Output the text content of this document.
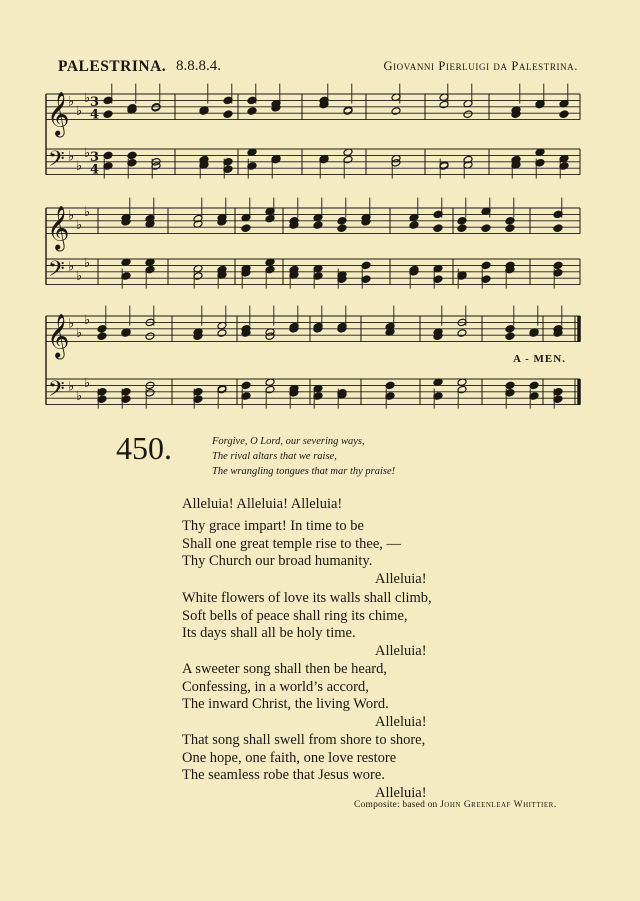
PALESTRINA. 8.8.8.4.	Giovanni Pierluigi da Palestrina.
𝄞
♭
♭
♭ 3
4
𝄢 ♭
♭
♭ 3
4
𝄞
♭
♭
♭
𝄢 ♭
♭
♭
𝄞
♭
♭
♭
𝄢 ♭
♭
♭
A - MEN.
450.	Forgive, O Lord, our severing ways,
The rival altars that we raise,
The wrangling tongues that mar thy praise!
Alleluia! Alleluia! Alleluia!
Thy grace impart! In time to be
Shall one great temple rise to thee, —
Thy Church our broad humanity.
Alleluia!
White flowers of love its walls shall climb,
Soft bells of peace shall ring its chime,
Its days shall all be holy time.
Alleluia!
A sweeter song shall then be heard,
Confessing, in a world’s accord,
The inward Christ, the living Word.
Alleluia!
That song shall swell from shore to shore,
One hope, one faith, one love restore
The seamless robe that Jesus wore.
Alleluia!
Composite: based on John Greenleaf Whittier.
